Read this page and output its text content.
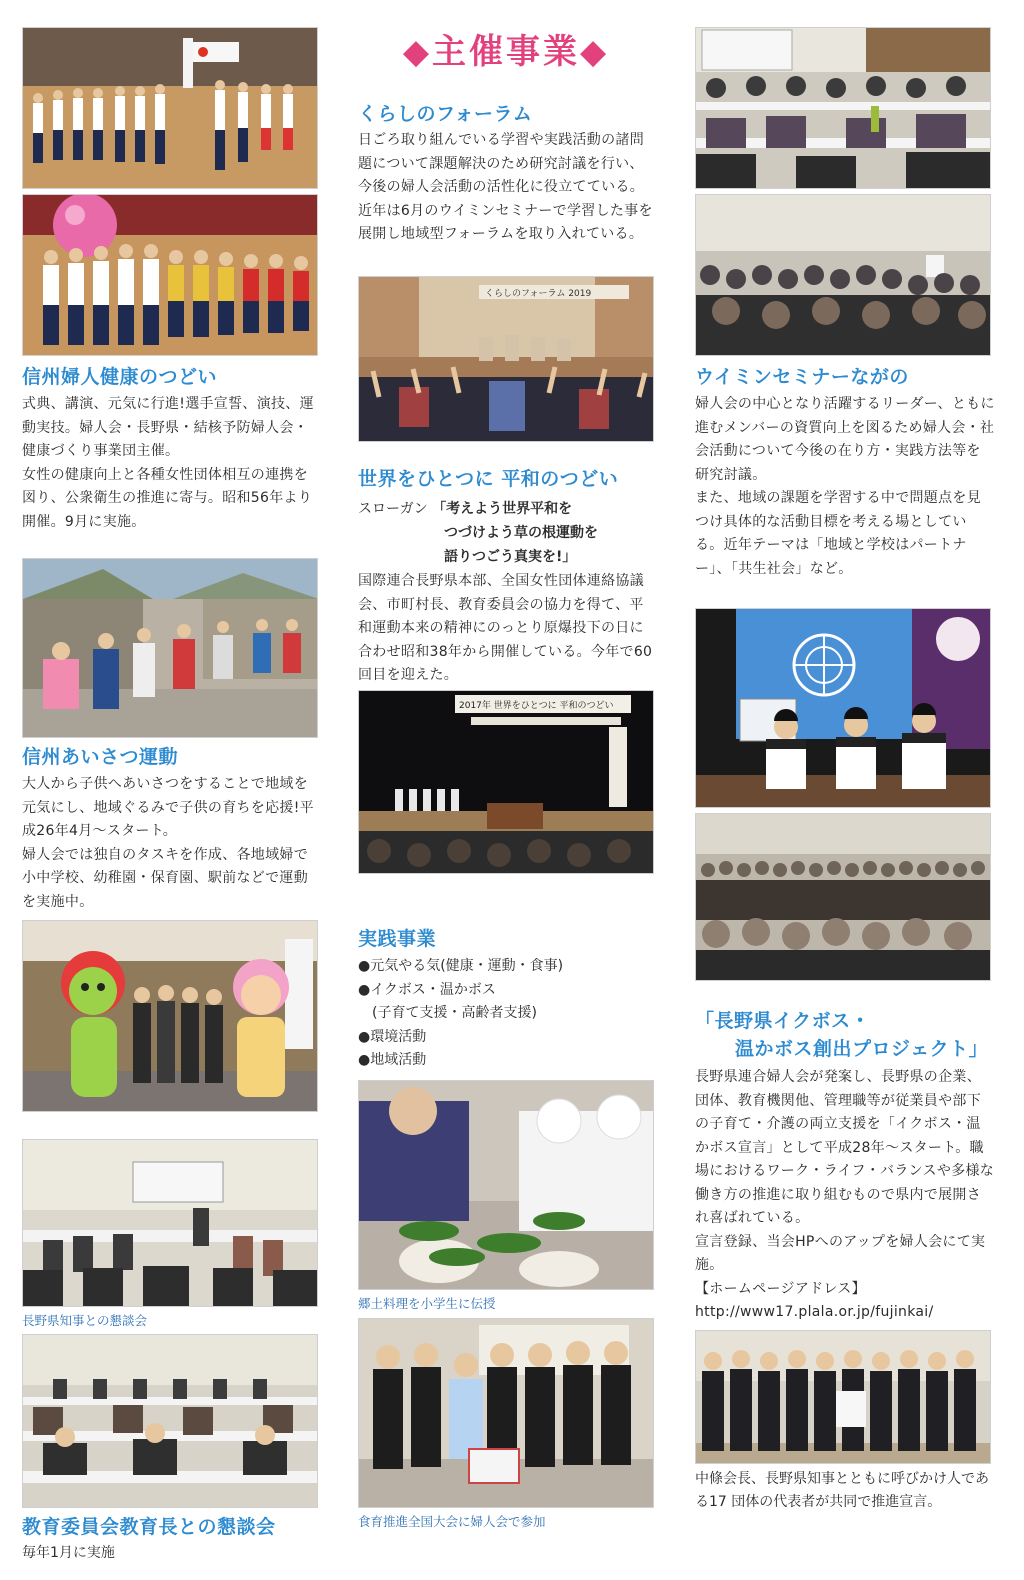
信州婦人健康のつどい

式典、講演、元気に行進!選手宣誓、演技、運動実技。婦人会・長野県・結核予防婦人会・健康づくり事業団主催。

女性の健康向上と各種女性団体相互の連携を図り、公衆衛生の推進に寄与。昭和56年より開催。9月に実施。

信州あいさつ運動

大人から子供へあいさつをすることで地域を元気にし、地域ぐるみで子供の育ちを応援!平成26年4月～スタート。

婦人会では独自のタスキを作成、各地域婦で小中学校、幼稚園・保育園、駅前などで運動を実施中。

長野県知事との懇談会
教育委員会教育長との懇談会
毎年1月に実施
◆主催事業◆
くらしのフォーラム
日ごろ取り組んでいる学習や実践活動の諸問題について課題解決のため研究討議を行い、今後の婦人会活動の活性化に役立てている。近年は6月のウイミンセミナーで学習した事を展開し地域型フォーラムを取り入れている。
くらしのフォーラム 2019
世界をひとつに 平和のつどい
スローガン 「考えよう世界平和を
つづけよう草の根運動を
語りつごう真実を!」
国際連合長野県本部、全国女性団体連絡協議会、市町村長、教育委員会の協力を得て、平和運動本来の精神にのっとり原爆投下の日に合わせ昭和38年から開催している。今年で60回目を迎えた。
2017年 世界をひとつに 平和のつどい
実践事業
●元気やる気(健康・運動・食事)
●イクボス・温かボス
　(子育て支援・高齢者支援)
●環境活動
●地域活動
郷土料理を小学生に伝授
食育推進全国大会に婦人会で参加
ウイミンセミナーながの

婦人会の中心となり活躍するリーダー、ともに進むメンバーの資質向上を図るため婦人会・社会活動について今後の在り方・実践方法等を研究討議。

また、地域の課題を学習する中で問題点を見つけ具体的な活動目標を考える場としている。近年テーマは「地域と学校はパートナー」、「共生社会」など。

「長野県イクボス・
温かボス創出プロジェクト」

長野県連合婦人会が発案し、長野県の企業、団体、教育機関他、管理職等が従業員や部下の子育て・介護の両立支援を「イクボス・温かボス宣言」として平成28年～スタート。職場におけるワーク・ライフ・バランスや多様な働き方の推進に取り組むもので県内で展開され喜ばれている。

宣言登録、当会HPへのアップを婦人会にて実施。

【ホームページアドレス】

http://www17.plala.or.jp/fujinkai/

中條会長、長野県知事とともに呼びかけ人である17 団体の代表者が共同で推進宣言。
